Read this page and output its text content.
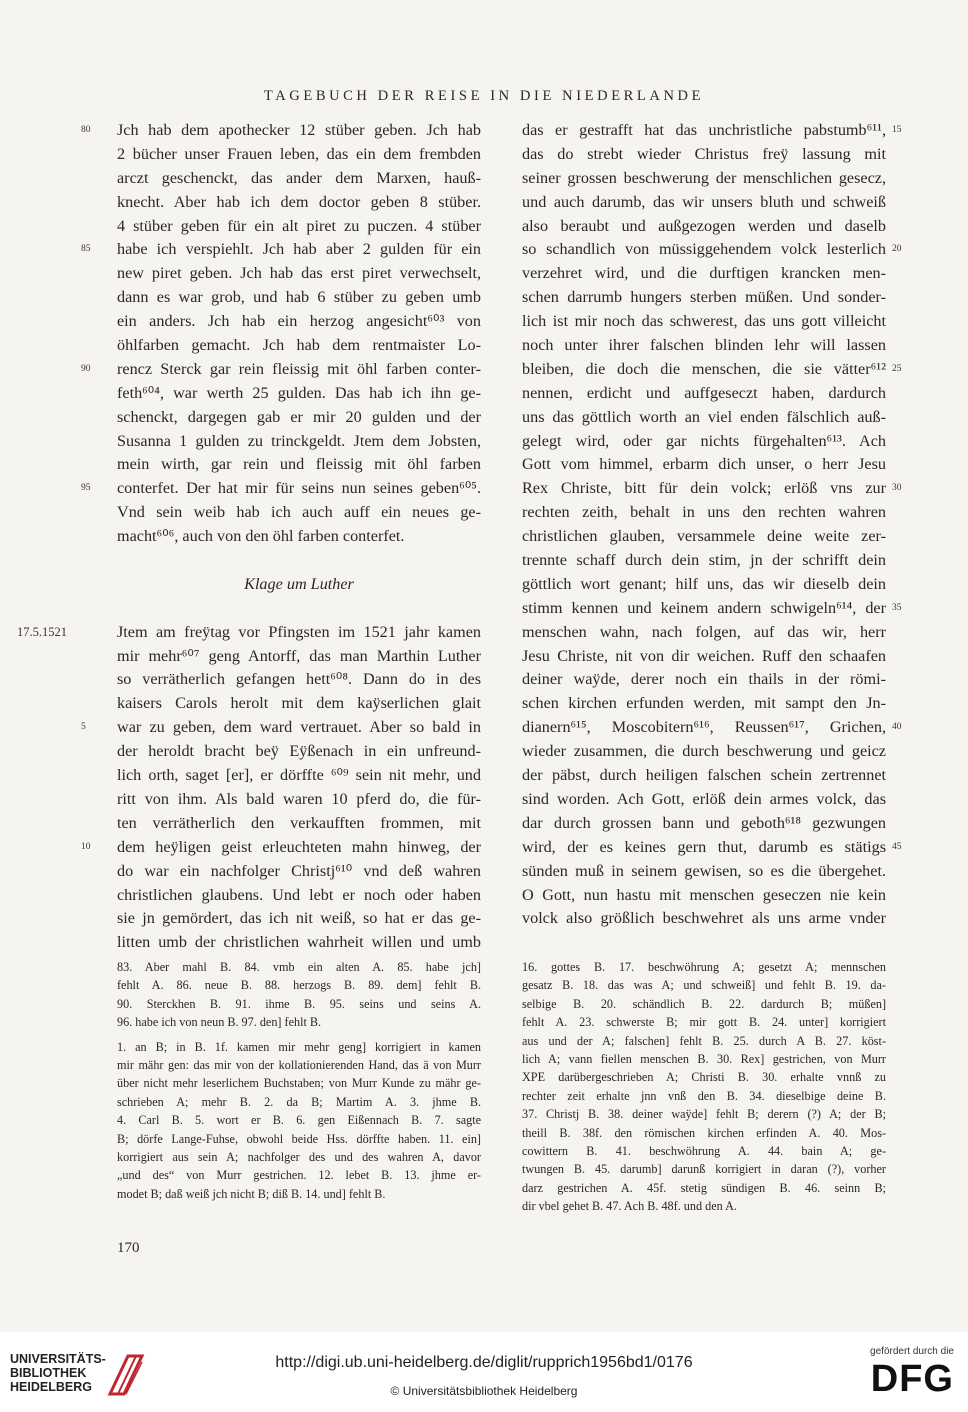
TAGEBUCH DER REISE IN DIE NIEDERLANDE
Jch hab dem apothecker 12 stüber geben. Jch hab
80
2 bücher unser Frauen leben, das ein dem frembden
arczt geschenckt, das ander dem Marxen, hauß-
knecht. Aber hab ich dem doctor geben 8 stüber.
4 stüber geben für ein alt piret zu puczen. 4 stüber
habe ich verspiehlt. Jch hab aber 2 gulden für ein
85
new piret geben. Jch hab das erst piret verwechselt,
dann es war grob, und hab 6 stüber zu geben umb
ein anders. Jch hab ein herzog angesicht⁶⁰³ von
öhlfarben gemacht. Jch hab dem rentmaister Lo-
rencz Sterck gar rein fleissig mit öhl farben conter-
90
feth⁶⁰⁴, war werth 25 gulden. Das hab ich ihn ge-
schenckt, dargegen gab er mir 20 gulden und der
Susanna 1 gulden zu trinckgeldt. Jtem dem Jobsten,
mein wirth, gar rein und fleissig mit öhl farben
conterfet. Der hat mir für seins nun seines geben⁶⁰⁵.
95
Vnd sein weib hab ich auch auff ein neues ge-
macht⁶⁰⁶, auch von den öhl farben conterfet.
Klage um Luther
Jtem am freÿtag vor Pfingsten im 1521 jahr kamen
17.5.1521
mir mehr⁶⁰⁷ geng Antorff, das man Marthin Luther
so verrätherlich gefangen hett⁶⁰⁸. Dann do in des
kaisers Carols herolt mit dem kaÿserlichen glait
war zu geben, dem ward vertrauet. Aber so bald in
5
der heroldt bracht beÿ Eÿßenach in ein unfreund-
lich orth, saget [er], er dörffte ⁶⁰⁹ sein nit mehr, und
ritt von ihm. Als bald waren 10 pferd do, die für-
ten verrätherlich den verkaufften frommen, mit
dem heÿligen geist erleuchteten mahn hinweg, der
10
do war ein nachfolger Christj⁶¹⁰ vnd deß wahren
christlichen glaubens. Und lebt er noch oder haben
sie jn gemördert, das ich nit weiß, so hat er das ge-
litten umb der christlichen wahrheit willen und umb
das er gestrafft hat das unchristliche pabstumb⁶¹¹, 15
das do strebt wieder Christus freÿ lassung mit
seiner grossen beschwerung der menschlichen gesecz,
und auch darumb, das wir unsers bluth und schweiß
also beraubt und außgezogen werden und daselb
so schandlich von müssiggehendem volck lesterlich 20
verzehret wird, und die durftigen krancken men-
schen darrumb hungers sterben müßen. Und sonder-
lich ist mir noch das schwerest, das uns gott villeicht
noch unter ihrer falschen blinden lehr will lassen
bleiben, die doch die menschen, die sie vätter⁶¹² 25
nennen, erdicht und auffgeseczt haben, dardurch
uns das göttlich worth an viel enden fälschlich auß-
gelegt wird, oder gar nichts fürgehalten⁶¹³. Ach
Gott vom himmel, erbarm dich unser, o herr Jesu
Rex Christe, bitt für dein volck; erlöß vns zur 30
rechten zeith, behalt in uns den rechten wahren
christlichen glauben, versammele deine weite zer-
trennte schaff durch dein stim, jn der schrifft dein
göttlich wort genant; hilf uns, das wir dieselb dein
stimm kennen und keinem andern schwigeln⁶¹⁴, der 35
menschen wahn, nach folgen, auf das wir, herr
Jesu Christe, nit von dir weichen. Ruff den schaafen
deiner waÿde, derer noch ein thails in der römi-
schen kirchen erfunden werden, mit sampt den Jn-
dianern⁶¹⁵, Moscobitern⁶¹⁶, Reussen⁶¹⁷, Grichen, 40
wieder zusammen, die durch beschwerung und geicz
der päbst, durch heiligen falschen schein zertrennet
sind worden. Ach Gott, erlöß dein armes volck, das
dar durch grossen bann und geboth⁶¹⁸ gezwungen
wird, der es keines gern thut, darumb es stätigs 45
sünden muß in seinem gewisen, so es die übergehet.
O Gott, nun hastu mit menschen geseczen nie kein
volck also größlich beschwehret als uns arme vnder
83. Aber mahl B. 84. vmb ein alten A. 85. habe jch]
fehlt A. 86. neue B. 88. herzogs B. 89. dem] fehlt B.
90. Sterckhen B. 91. ihme B. 95. seins und seins A.
96. habe ich von neun B. 97. den] fehlt B.
1. an B; in B. 1f. kamen mir mehr geng] korrigiert in kamen
mir mähr gen: das mir von der kollationierenden Hand, das ä von Murr
über nicht mehr leserlichem Buchstaben; von Murr Kunde zu mähr ge-
schrieben A; mehr B. 2. da B; Martim A. 3. jhme B.
4. Carl B. 5. wort er B. 6. gen Eißennach B. 7. sagte
B; dörfe Lange-Fuhse, obwohl beide Hss. dörffte haben. 11. ein]
korrigiert aus sein A; nachfolger des und des wahren A, davor
„und des“ von Murr gestrichen. 12. lebet B. 13. jhme er-
modet B; daß weiß jch nicht B; diß B. 14. und] fehlt B.
16. gottes B. 17. beschwöhrung A; gesetzt A; mennschen
gesatz B. 18. das was A; und schweiß] und fehlt B. 19. da-
selbige B. 20. schändlich B. 22. dardurch B; müßen]
fehlt A. 23. schwerste B; mir gott B. 24. unter] korrigiert
aus und der A; falschen] fehlt B. 25. durch A B. 27. köst-
lich A; vann fiellen menschen B. 30. Rex] gestrichen, von Murr
XPE darübergeschrieben A; Christi B. 30. erhalte vnnß zu
rechter zeit erhalte jnn vnß den B. 34. dieselbige deine B.
37. Christj B. 38. deiner waÿde] fehlt B; derern (?) A; der B;
theill B. 38f. den römischen kirchen erfinden A. 40. Mos-
cowittern B. 41. beschwöhrung A. 44. bain A; ge-
twungen B. 45. darumb] darunß korrigiert in daran (?), vorher
darz gestrichen A. 45f. stetig sündigen B. 46. seinn B;
dir vbel gehet B. 47. Ach B. 48f. und den A.
170
UNIVERSITÄTS-
BIBLIOTHEK
HEIDELBERG
http://digi.ub.uni-heidelberg.de/diglit/rupprich1956bd1/0176
© Universitätsbibliothek Heidelberg
gefördert durch die
DFG
